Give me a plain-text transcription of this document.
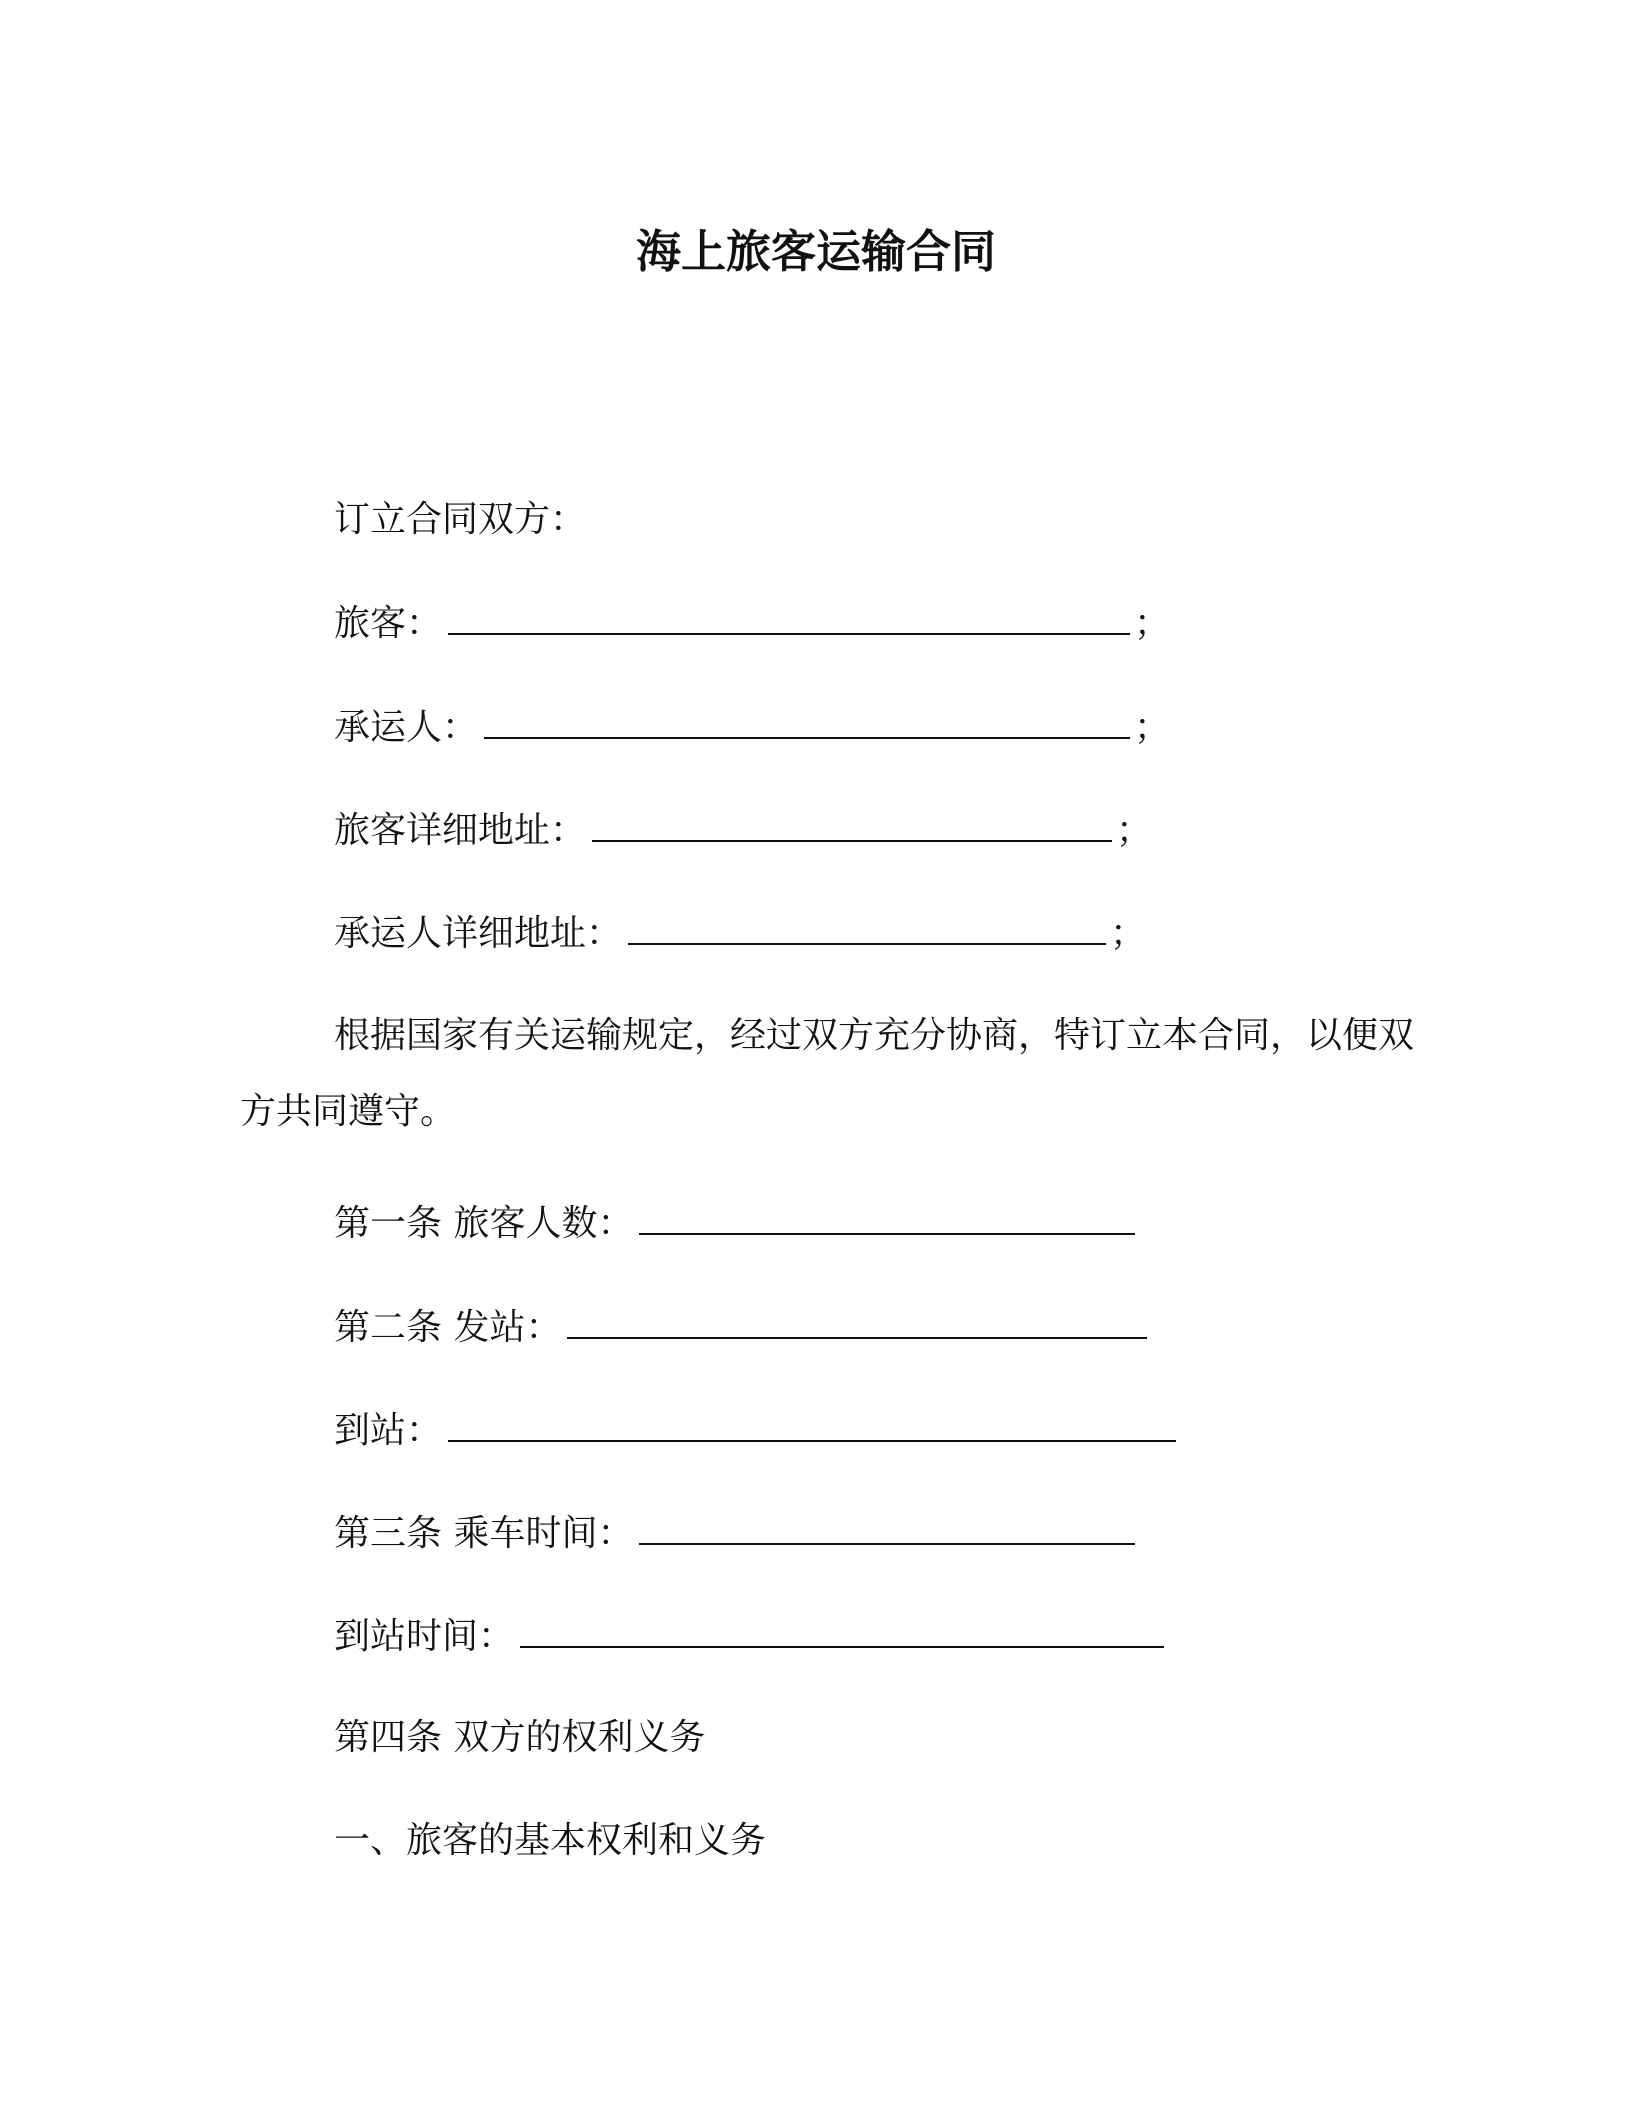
海上旅客运输合同
订立合同双方：
旅客：	；
承运人：	；
旅客详细地址：	；
承运人详细地址：	；
根据国家有关运输规定，经过双方充分协商，特订立本合同，以便双方共同遵守。
第一条 旅客人数：
第二条 发站：
到站：
第三条 乘车时间：
到站时间：
第四条 双方的权利义务
一、旅客的基本权利和义务
